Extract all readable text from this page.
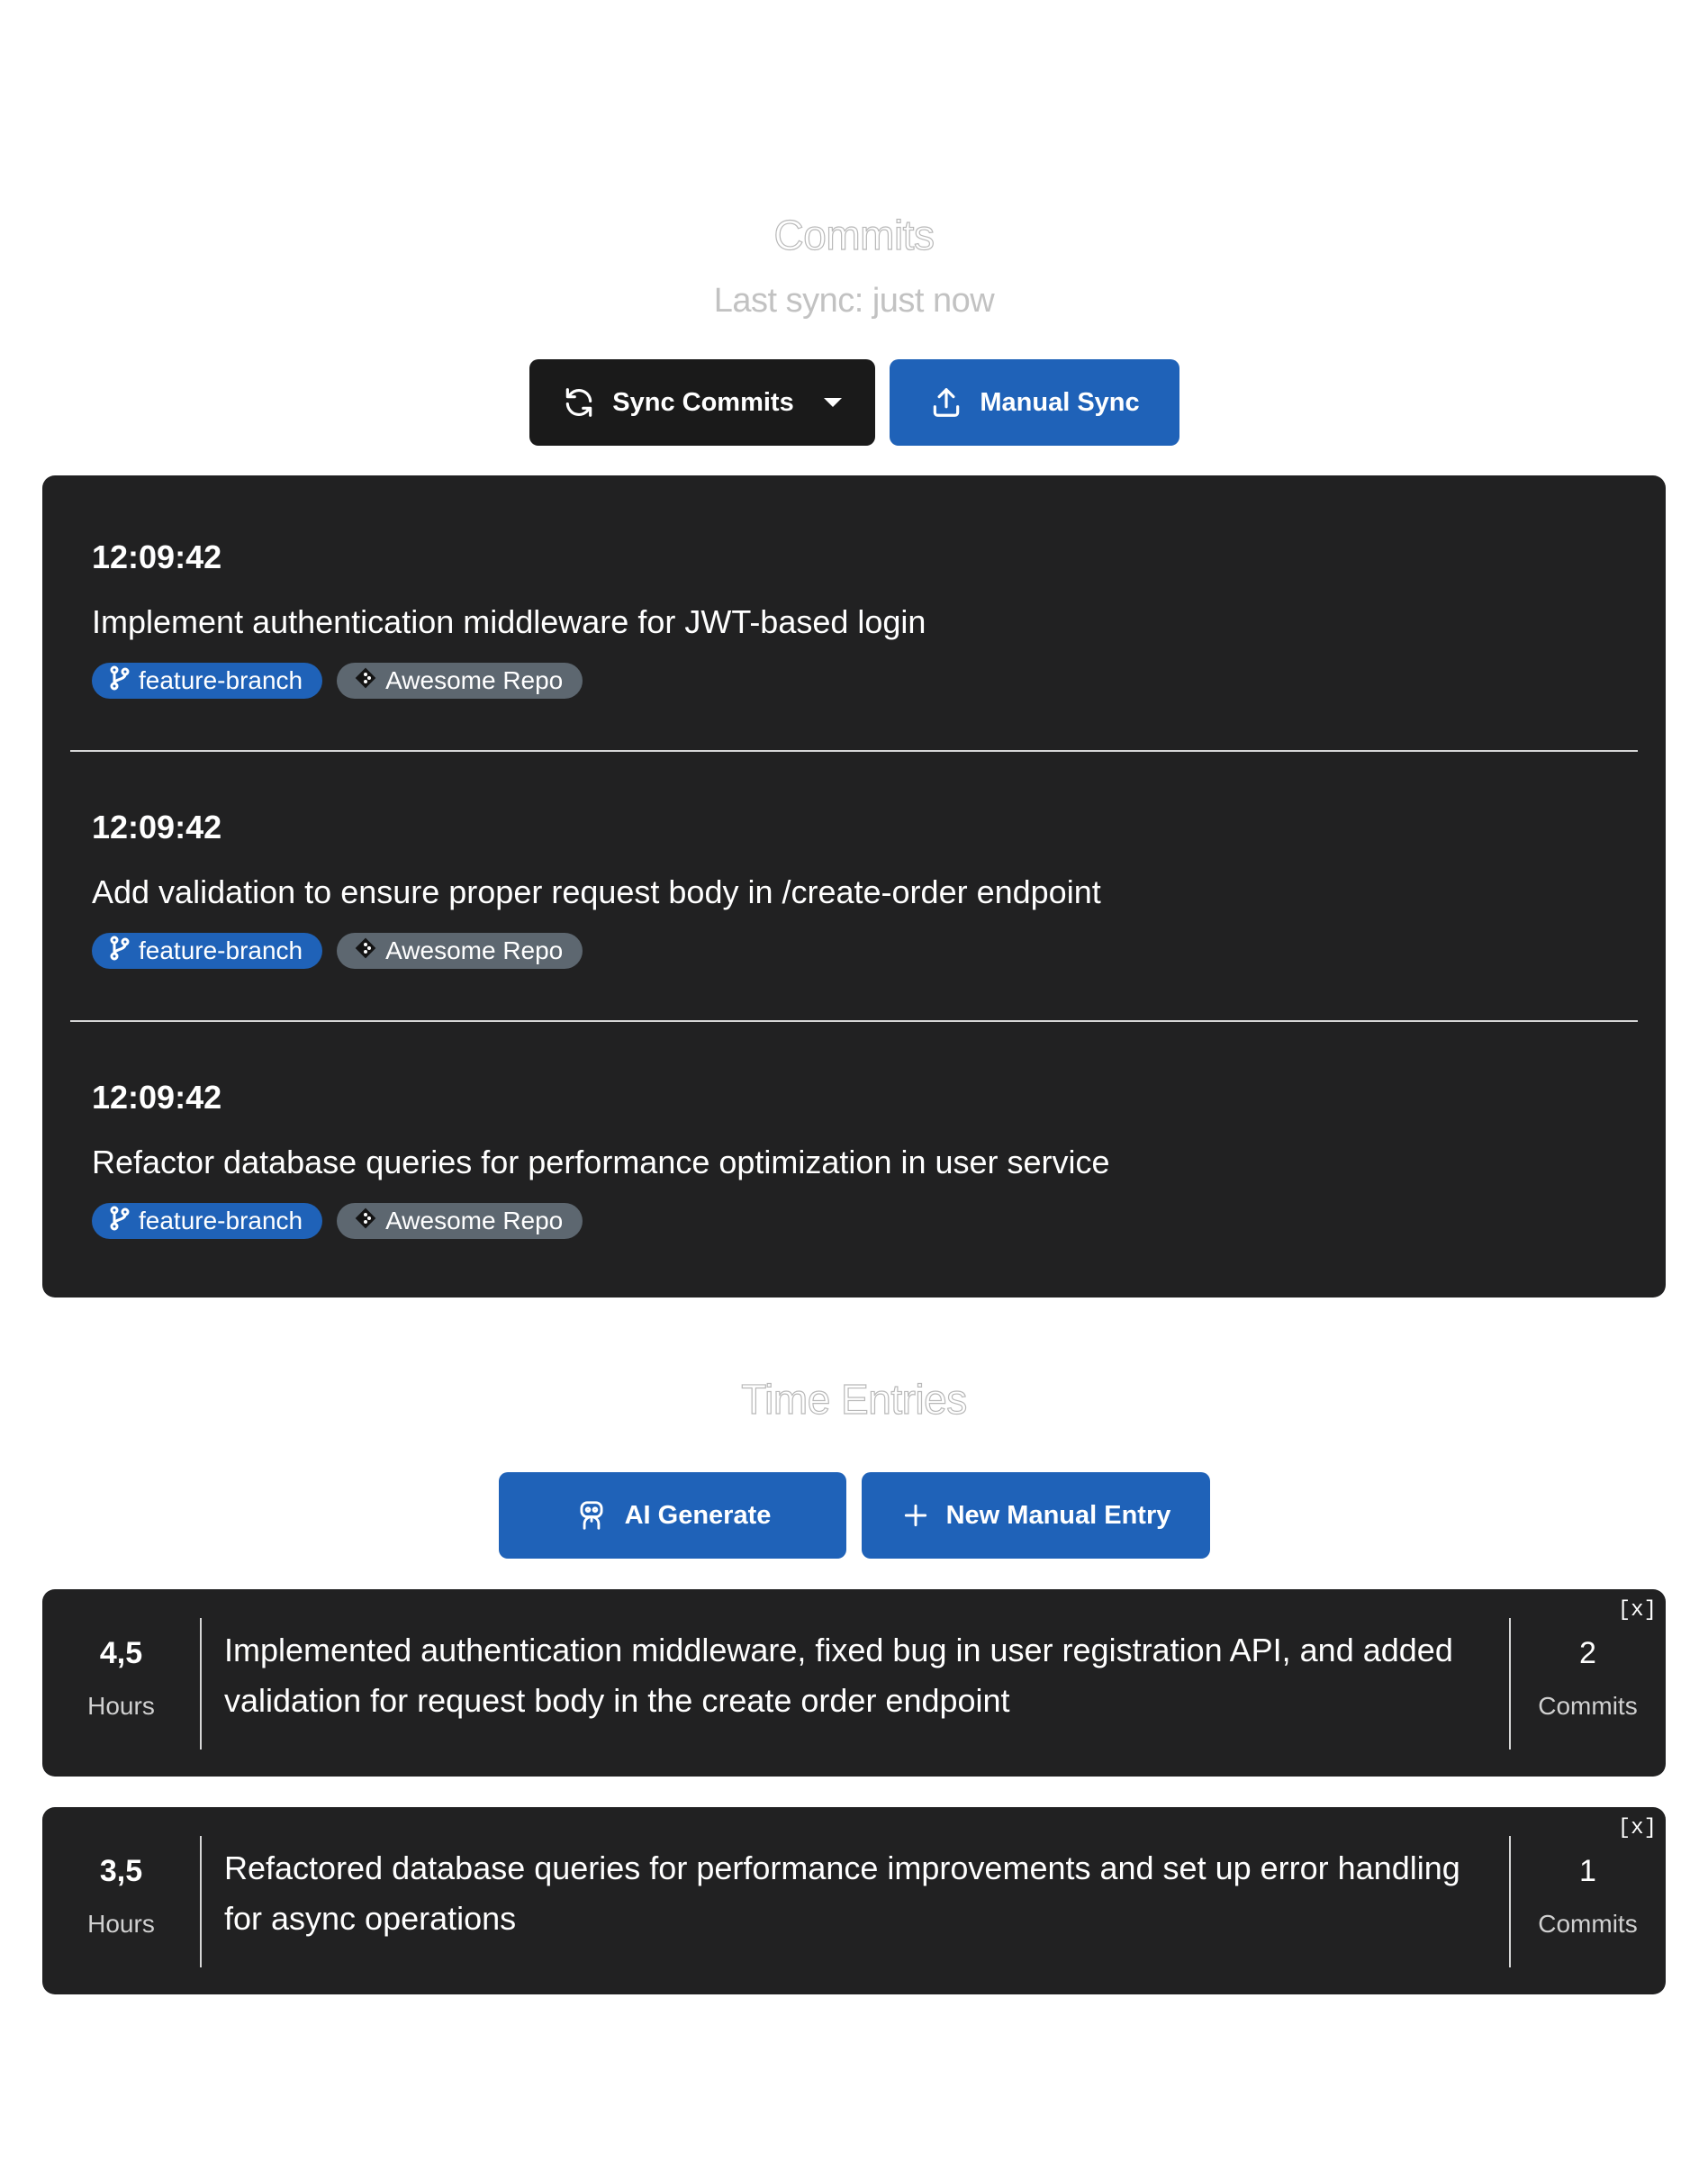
Commits
Last sync: just now
Sync Commits	Manual Sync
12:09:42
Implement authentication middleware for JWT-based login
feature-branch	Awesome Repo
12:09:42
Add validation to ensure proper request body in /create-order endpoint
feature-branch	Awesome Repo
12:09:42
Refactor database queries for performance optimization in user service
feature-branch	Awesome Repo
Time Entries
AI Generate	New Manual Entry
4,5
Hours
Implemented authentication middleware, fixed bug in user registration API, and added validation for request body in the create order endpoint
2
Commits
[x]
3,5
Hours
Refactored database queries for performance improvements and set up error handling for async operations
1
Commits
[x]
